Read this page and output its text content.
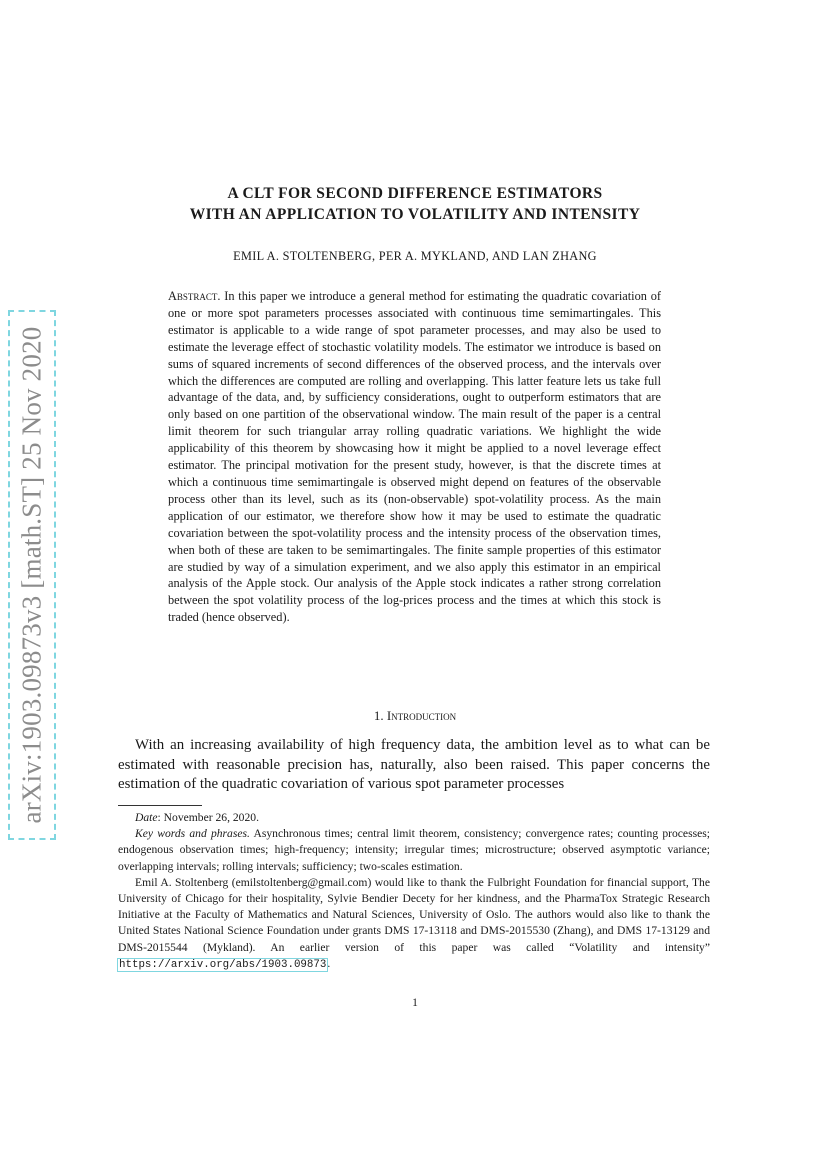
arXiv:1903.09873v3 [math.ST] 25 Nov 2020
A CLT FOR SECOND DIFFERENCE ESTIMATORS
WITH AN APPLICATION TO VOLATILITY AND INTENSITY
EMIL A. STOLTENBERG, PER A. MYKLAND, AND LAN ZHANG
Abstract. In this paper we introduce a general method for estimating the quadratic covariation of one or more spot parameters processes associated with continuous time semimartingales. This estimator is applicable to a wide range of spot parameter processes, and may also be used to estimate the leverage effect of stochastic volatility models. The estimator we introduce is based on sums of squared increments of second differences of the observed process, and the intervals over which the differences are computed are rolling and overlapping. This latter feature lets us take full advantage of the data, and, by sufficiency considerations, ought to outperform estimators that are only based on one partition of the observational window. The main result of the paper is a central limit theorem for such triangular array rolling quadratic variations. We highlight the wide applicability of this theorem by showcasing how it might be applied to a novel leverage effect estimator. The principal motivation for the present study, however, is that the discrete times at which a continuous time semimartingale is observed might depend on features of the observable process other than its level, such as its (non-observable) spot-volatility process. As the main application of our estimator, we therefore show how it may be used to estimate the quadratic covariation between the spot-volatility process and the intensity process of the observation times, when both of these are taken to be semimartingales. The finite sample properties of this estimator are studied by way of a simulation experiment, and we also apply this estimator in an empirical analysis of the Apple stock. Our analysis of the Apple stock indicates a rather strong correlation between the spot volatility process of the log-prices process and the times at which this stock is traded (hence observed).
1. Introduction
With an increasing availability of high frequency data, the ambition level as to what can be estimated with reasonable precision has, naturally, also been raised. This paper concerns the estimation of the quadratic covariation of various spot parameter processes

Date: November 26, 2020.

Key words and phrases. Asynchronous times; central limit theorem, consistency; convergence rates; counting processes; endogenous observation times; high-frequency; intensity; irregular times; microstructure; observed asymptotic variance; overlapping intervals; rolling intervals; sufficiency; two-scales estimation.

Emil A. Stoltenberg (emilstoltenberg@gmail.com) would like to thank the Fulbright Foundation for financial support, The University of Chicago for their hospitality, Sylvie Bendier Decety for her kindness, and the PharmaTox Strategic Research Initiative at the Faculty of Mathematics and Natural Sciences, University of Oslo. The authors would also like to thank the United States National Science Foundation under grants DMS 17-13118 and DMS-2015530 (Zhang), and DMS 17-13129 and DMS-2015544 (Mykland). An earlier version of this paper was called “Volatility and intensity” https://arxiv.org/abs/1903.09873.

1
